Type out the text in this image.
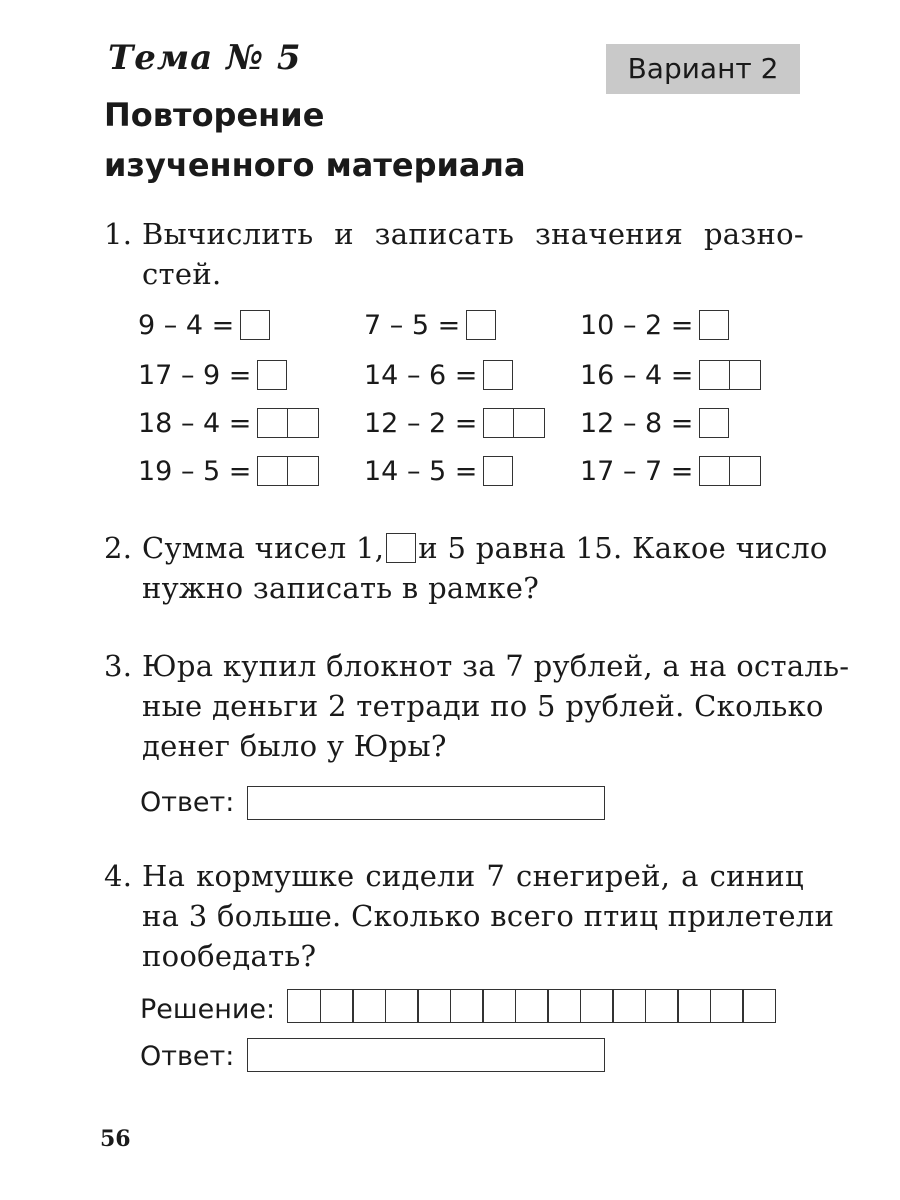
Тема № 5	Вариант 2
Повторение
изученного материала
1. Вычислить и записать значения разно-
стей.
9 – 4 =	7 – 5 =	10 – 2 =
17 – 9 =	14 – 6 =	16 – 4 =
18 – 4 =	12 – 2 =	12 – 8 =
19 – 5 =	14 – 5 =	17 – 7 =
2. Сумма чисел 1, и 5 равна 15. Какое число
нужно записать в рамке?
3. Юра купил блокнот за 7 рублей, а на осталь-
ные деньги 2 тетради по 5 рублей. Сколько
денег было у Юры?
Ответ:
4. На кормушке сидели 7 снегирей, а синиц
на 3 больше. Сколько всего птиц прилетели
пообедать?
Решение:
Ответ:
56
